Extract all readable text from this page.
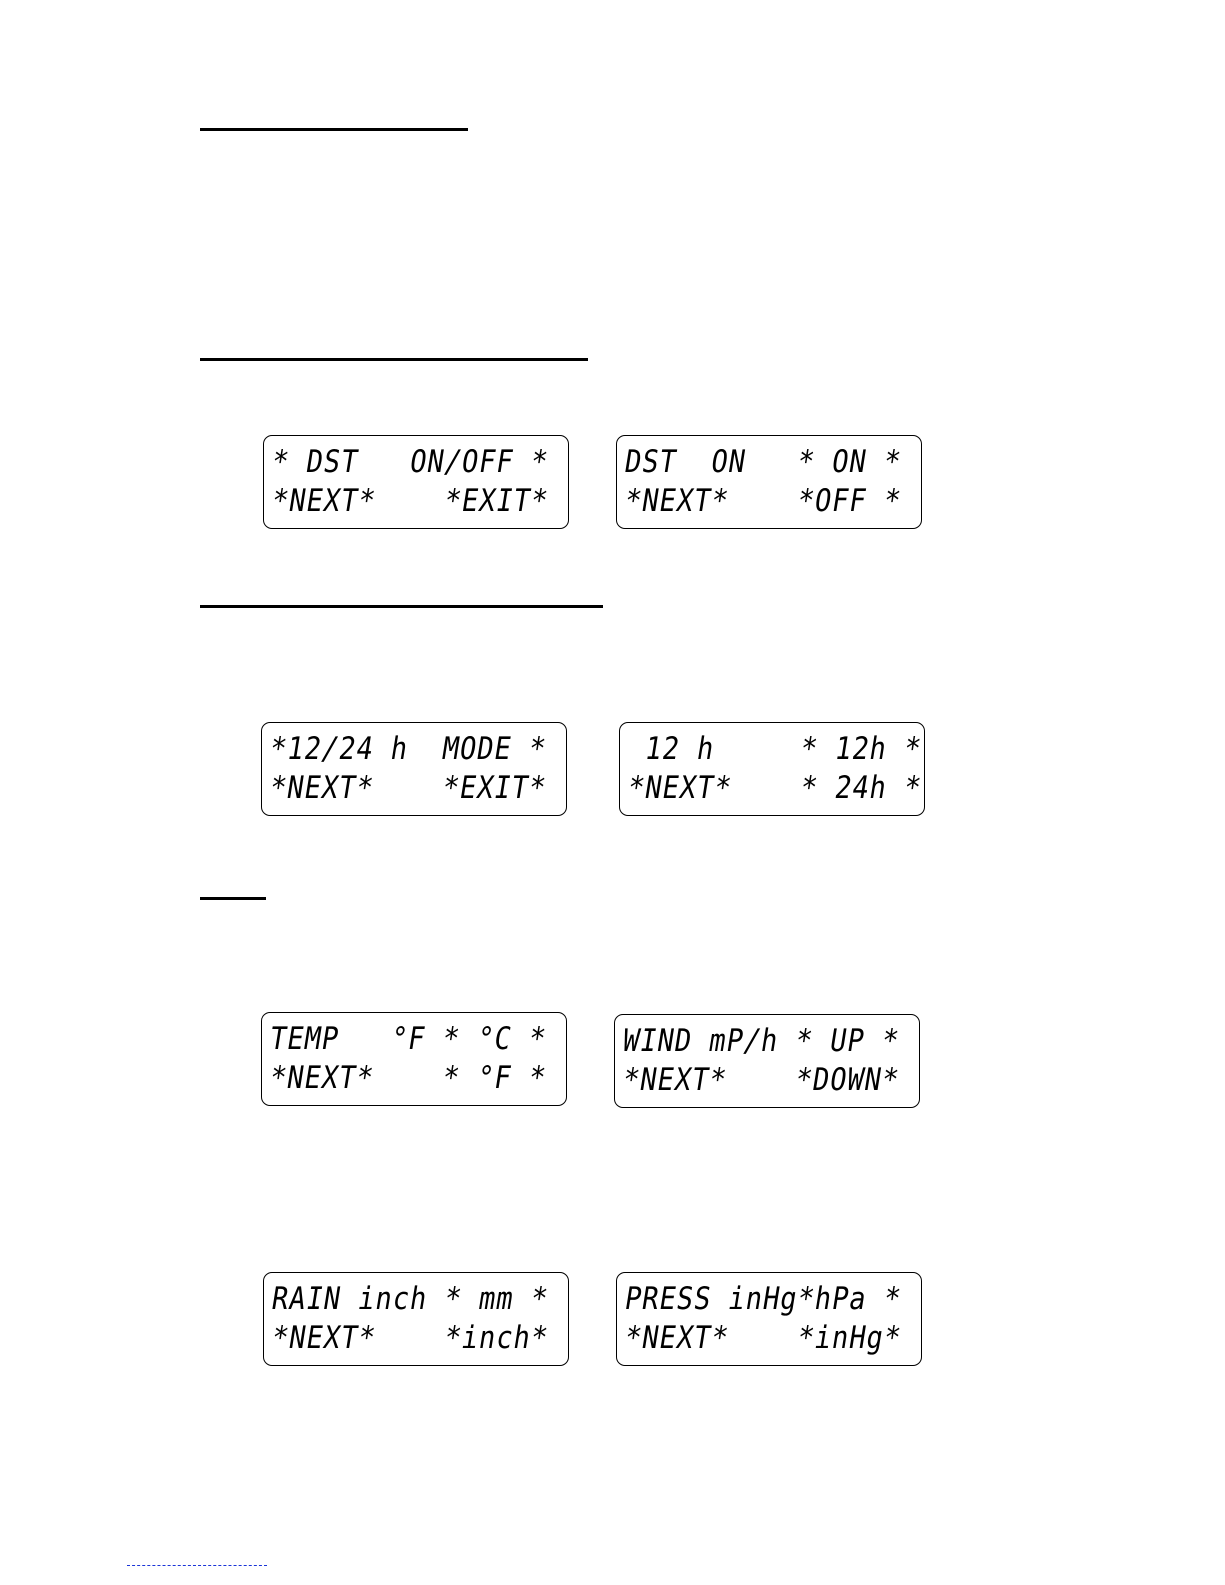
* DST   ON/OFF *
*NEXT*    *EXIT*
DST  ON   * ON *
*NEXT*    *OFF *
*12/24 h  MODE *
*NEXT*    *EXIT*
12 h     * 12h *
*NEXT*    * 24h *
TEMP   °F * °C *
*NEXT*    * °F *
WIND mP/h * UP *
*NEXT*    *DOWN*
RAIN inch * mm *
*NEXT*    *inch*
PRESS inHg*hPa *
*NEXT*    *inHg*
